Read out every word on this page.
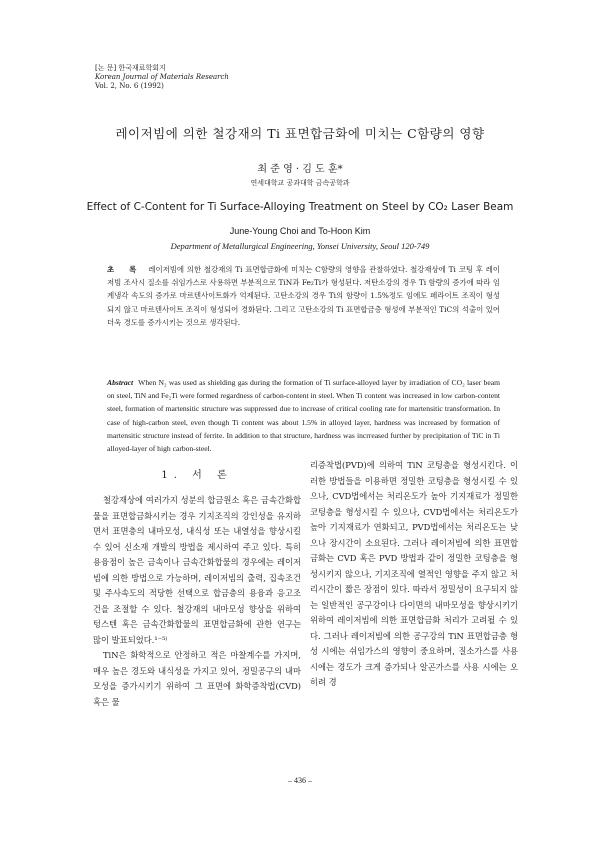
[논 문] 한국재료학회지
Korean Journal of Materials Research
Vol. 2, No. 6 (1992)
레이저빔에 의한 철강재의 Ti 표면합금화에 미치는 C함량의 영향
최 준 영 · 김 도 훈*
연세대학교 공과대학 금속공학과
Effect of C-Content for Ti Surface-Alloying Treatment on Steel by CO₂ Laser Beam
June-Young Choi and To-Hoon Kim
Department of Metallurgical Engineering, Yonsei University, Seoul 120-749
초 록 레이저빔에 의한 철강재의 Ti 표면합금화에 미치는 C함량의 영향을 관찰하였다. 철강재상에 Ti 코팅 후 레이저빔 조사시 질소를 쉬임가스로 사용하면 부분적으로 TiN과 Fe₂Ti가 형성된다. 저탄소강의 경우 Ti 함량의 증가에 따라 임계냉각 속도의 증가로 마르텐사이트화가 억제된다. 고탄소강의 경우 Ti의 함량이 1.5%정도 임에도 페라이트 조직이 형성되지 않고 마르텐사이트 조직이 형성되어 경화된다. 그리고 고탄소강의 Ti 표면합금층 형성에 부분적인 TiC의 석출이 있어 더욱 경도를 증가시키는 것으로 생각된다.
Abstract When N₂ was used as shielding gas during the formation of Ti surface-alloyed layer by irradiation of CO₂ laser beam on steel, TiN and Fe₂Ti were formed regardness of carbon-content in steel. When Ti content was increased in low carbon-content steel, formation of martensitic structure was suppressed due to increase of critical cooling rate for martensitic transformation. In case of high-carbon steel, even though Ti content was about 1.5% in alloyed layer, hardness was increased by formation of martensitic structure instead of ferrite. In addition to that structure, hardness was incrreased further by precipitation of TiC in Ti alloyed-layer of high carbon-steel.
1. 서 론

철강재상에 여러가지 성분의 합금원소 혹은 금속간화합물을 표면합금화시키는 경우 기지조직의 강인성을 유지하면서 표면층의 내마모성, 내식성 또는 내열성을 향상시킬 수 있어 신소재 개발의 방법을 제시하여 주고 있다. 특히 용융점이 높은 금속이나 금속간화합물의 경우에는 레이저빔에 의한 방법으로 가능하며, 레이저빔의 출력, 집속조건 및 주사속도의 적당한 선택으로 합금층의 용융과 응고조건을 조절할 수 있다. 철강재의 내마모성 향상을 위하여 텅스텐 혹은 금속간화합물의 표면합금화에 관한 연구는 많이 발표되었다.¹⁻⁵⁾

TiN은 화학적으로 안정하고 적은 마찰계수를 가지며, 매우 높은 경도와 내식성을 가지고 있어, 정밀공구의 내마모성을 증가시키기 위하여 그 표면에 화학증착법(CVD) 혹은 물

리증착법(PVD)에 의하여 TiN 코팅층을 형성시킨다. 이러한 방법들을 이용하면 정밀한 코팅층을 형성시킬 수 있으나, CVD법에서는 처리온도가 높아 기지재료가 정밀한 코팅층을 형성시킬 수 있으나, CVD법에서는 처리온도가 높아 기지재료가 연화되고, PVD법에서는 처리온도는 낮으나 장시간이 소요된다. 그러나 레이저빔에 의한 표면합금화는 CVD 혹은 PVD 방법과 같이 정밀한 코팅층을 형성시키지 않으나, 기지조직에 열적인 영향을 주지 않고 처리시간이 짧은 장점이 있다. 따라서 정밀성이 요구되지 않는 일반적인 공구강이나 다이면의 내마모성을 향상시키기 위하여 레이저빔에 의한 표면합금화 처리가 고려될 수 있다. 그러나 레이저빔에 의한 공구강의 TiN 표면합금층 형성 시에는 쉬임가스의 영향이 중요하며, 질소가스를 사용 시에는 경도가 크게 증가되나 알곤가스를 사용 시에는 오히려 경

– 436 –
